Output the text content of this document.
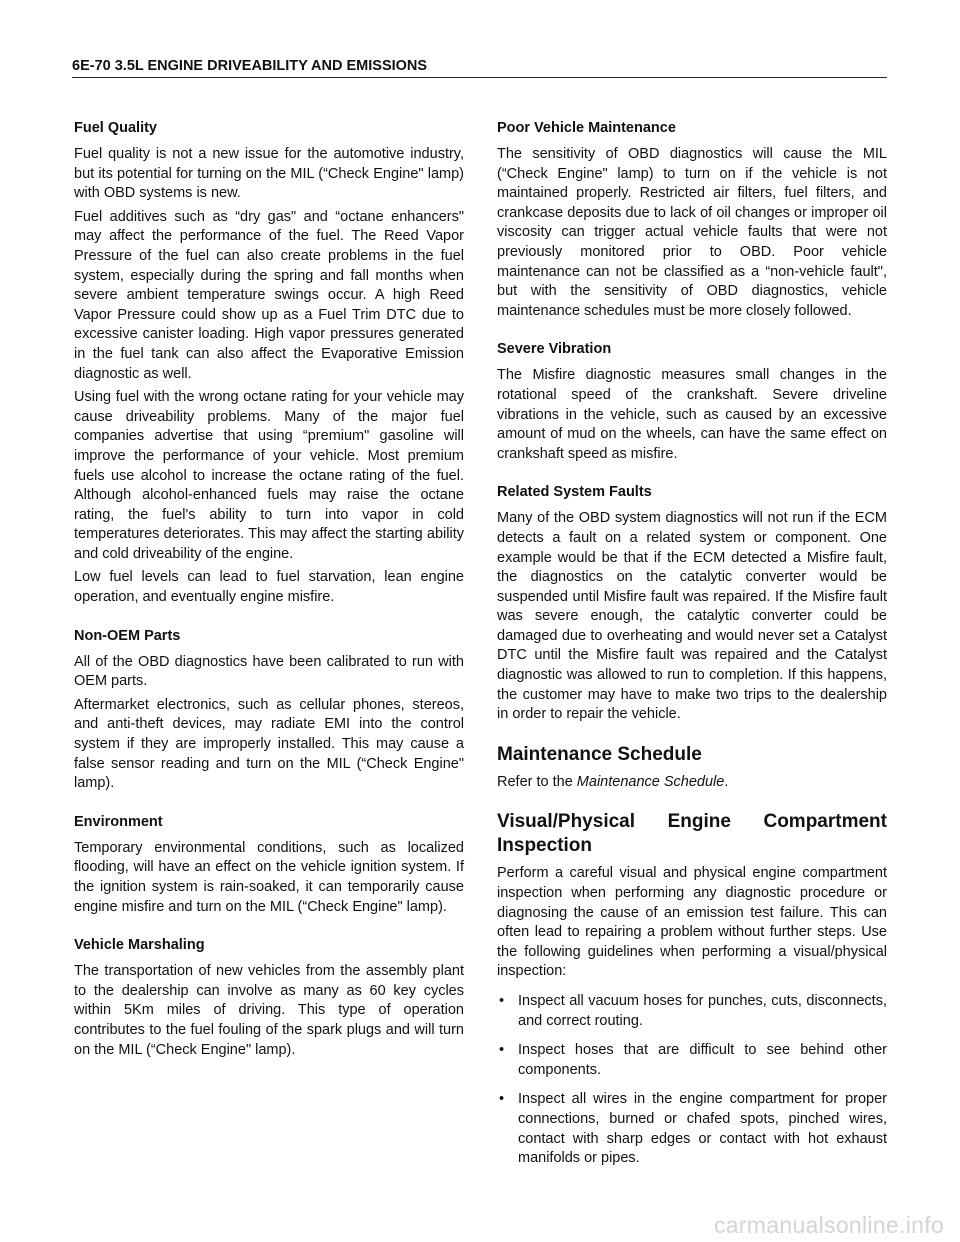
6E-70 3.5L ENGINE DRIVEABILITY AND EMISSIONS
Fuel Quality

Fuel quality is not a new issue for the automotive industry, but its potential for turning on the MIL (“Check Engine" lamp) with OBD systems is new.

Fuel additives such as “dry gas" and “octane enhancers" may affect the performance of the fuel. The Reed Vapor Pressure of the fuel can also create problems in the fuel system, especially during the spring and fall months when severe ambient temperature swings occur. A high Reed Vapor Pressure could show up as a Fuel Trim DTC due to excessive canister loading. High vapor pressures generated in the fuel tank can also affect the Evaporative Emission diagnostic as well.

Using fuel with the wrong octane rating for your vehicle may cause driveability problems. Many of the major fuel companies advertise that using “premium" gasoline will improve the performance of your vehicle. Most premium fuels use alcohol to increase the octane rating of the fuel. Although alcohol-enhanced fuels may raise the octane rating, the fuel's ability to turn into vapor in cold temperatures deteriorates. This may affect the starting ability and cold driveability of the engine.

Low fuel levels can lead to fuel starvation, lean engine operation, and eventually engine misfire.

Non-OEM Parts

All of the OBD diagnostics have been calibrated to run with OEM parts.

Aftermarket electronics, such as cellular phones, stereos, and anti-theft devices, may radiate EMI into the control system if they are improperly installed. This may cause a false sensor reading and turn on the MIL (“Check Engine" lamp).

Environment

Temporary environmental conditions, such as localized flooding, will have an effect on the vehicle ignition system. If the ignition system is rain-soaked, it can temporarily cause engine misfire and turn on the MIL (“Check Engine" lamp).

Vehicle Marshaling

The transportation of new vehicles from the assembly plant to the dealership can involve as many as 60 key cycles within 5Km miles of driving. This type of operation contributes to the fuel fouling of the spark plugs and will turn on the MIL (“Check Engine" lamp).

Poor Vehicle Maintenance

The sensitivity of OBD diagnostics will cause the MIL (“Check Engine" lamp) to turn on if the vehicle is not maintained properly. Restricted air filters, fuel filters, and crankcase deposits due to lack of oil changes or improper oil viscosity can trigger actual vehicle faults that were not previously monitored prior to OBD. Poor vehicle maintenance can not be classified as a “non-vehicle fault", but with the sensitivity of OBD diagnostics, vehicle maintenance schedules must be more closely followed.

Severe Vibration

The Misfire diagnostic measures small changes in the rotational speed of the crankshaft. Severe driveline vibrations in the vehicle, such as caused by an excessive amount of mud on the wheels, can have the same effect on crankshaft speed as misfire.

Related System Faults

Many of the OBD system diagnostics will not run if the ECM detects a fault on a related system or component. One example would be that if the ECM detected a Misfire fault, the diagnostics on the catalytic converter would be suspended until Misfire fault was repaired. If the Misfire fault was severe enough, the catalytic converter could be damaged due to overheating and would never set a Catalyst DTC until the Misfire fault was repaired and the Catalyst diagnostic was allowed to run to completion. If this happens, the customer may have to make two trips to the dealership in order to repair the vehicle.

Maintenance Schedule

Refer to the Maintenance Schedule.

Visual/Physical Engine Compartment
Inspection

Perform a careful visual and physical engine compartment inspection when performing any diagnostic procedure or diagnosing the cause of an emission test failure. This can often lead to repairing a problem without further steps. Use the following guidelines when performing a visual/physical inspection:

• Inspect all vacuum hoses for punches, cuts, disconnects, and correct routing.
• Inspect hoses that are difficult to see behind other components.
• Inspect all wires in the engine compartment for proper connections, burned or chafed spots, pinched wires, contact with sharp edges or contact with hot exhaust manifolds or pipes.
carmanualsonline.info
